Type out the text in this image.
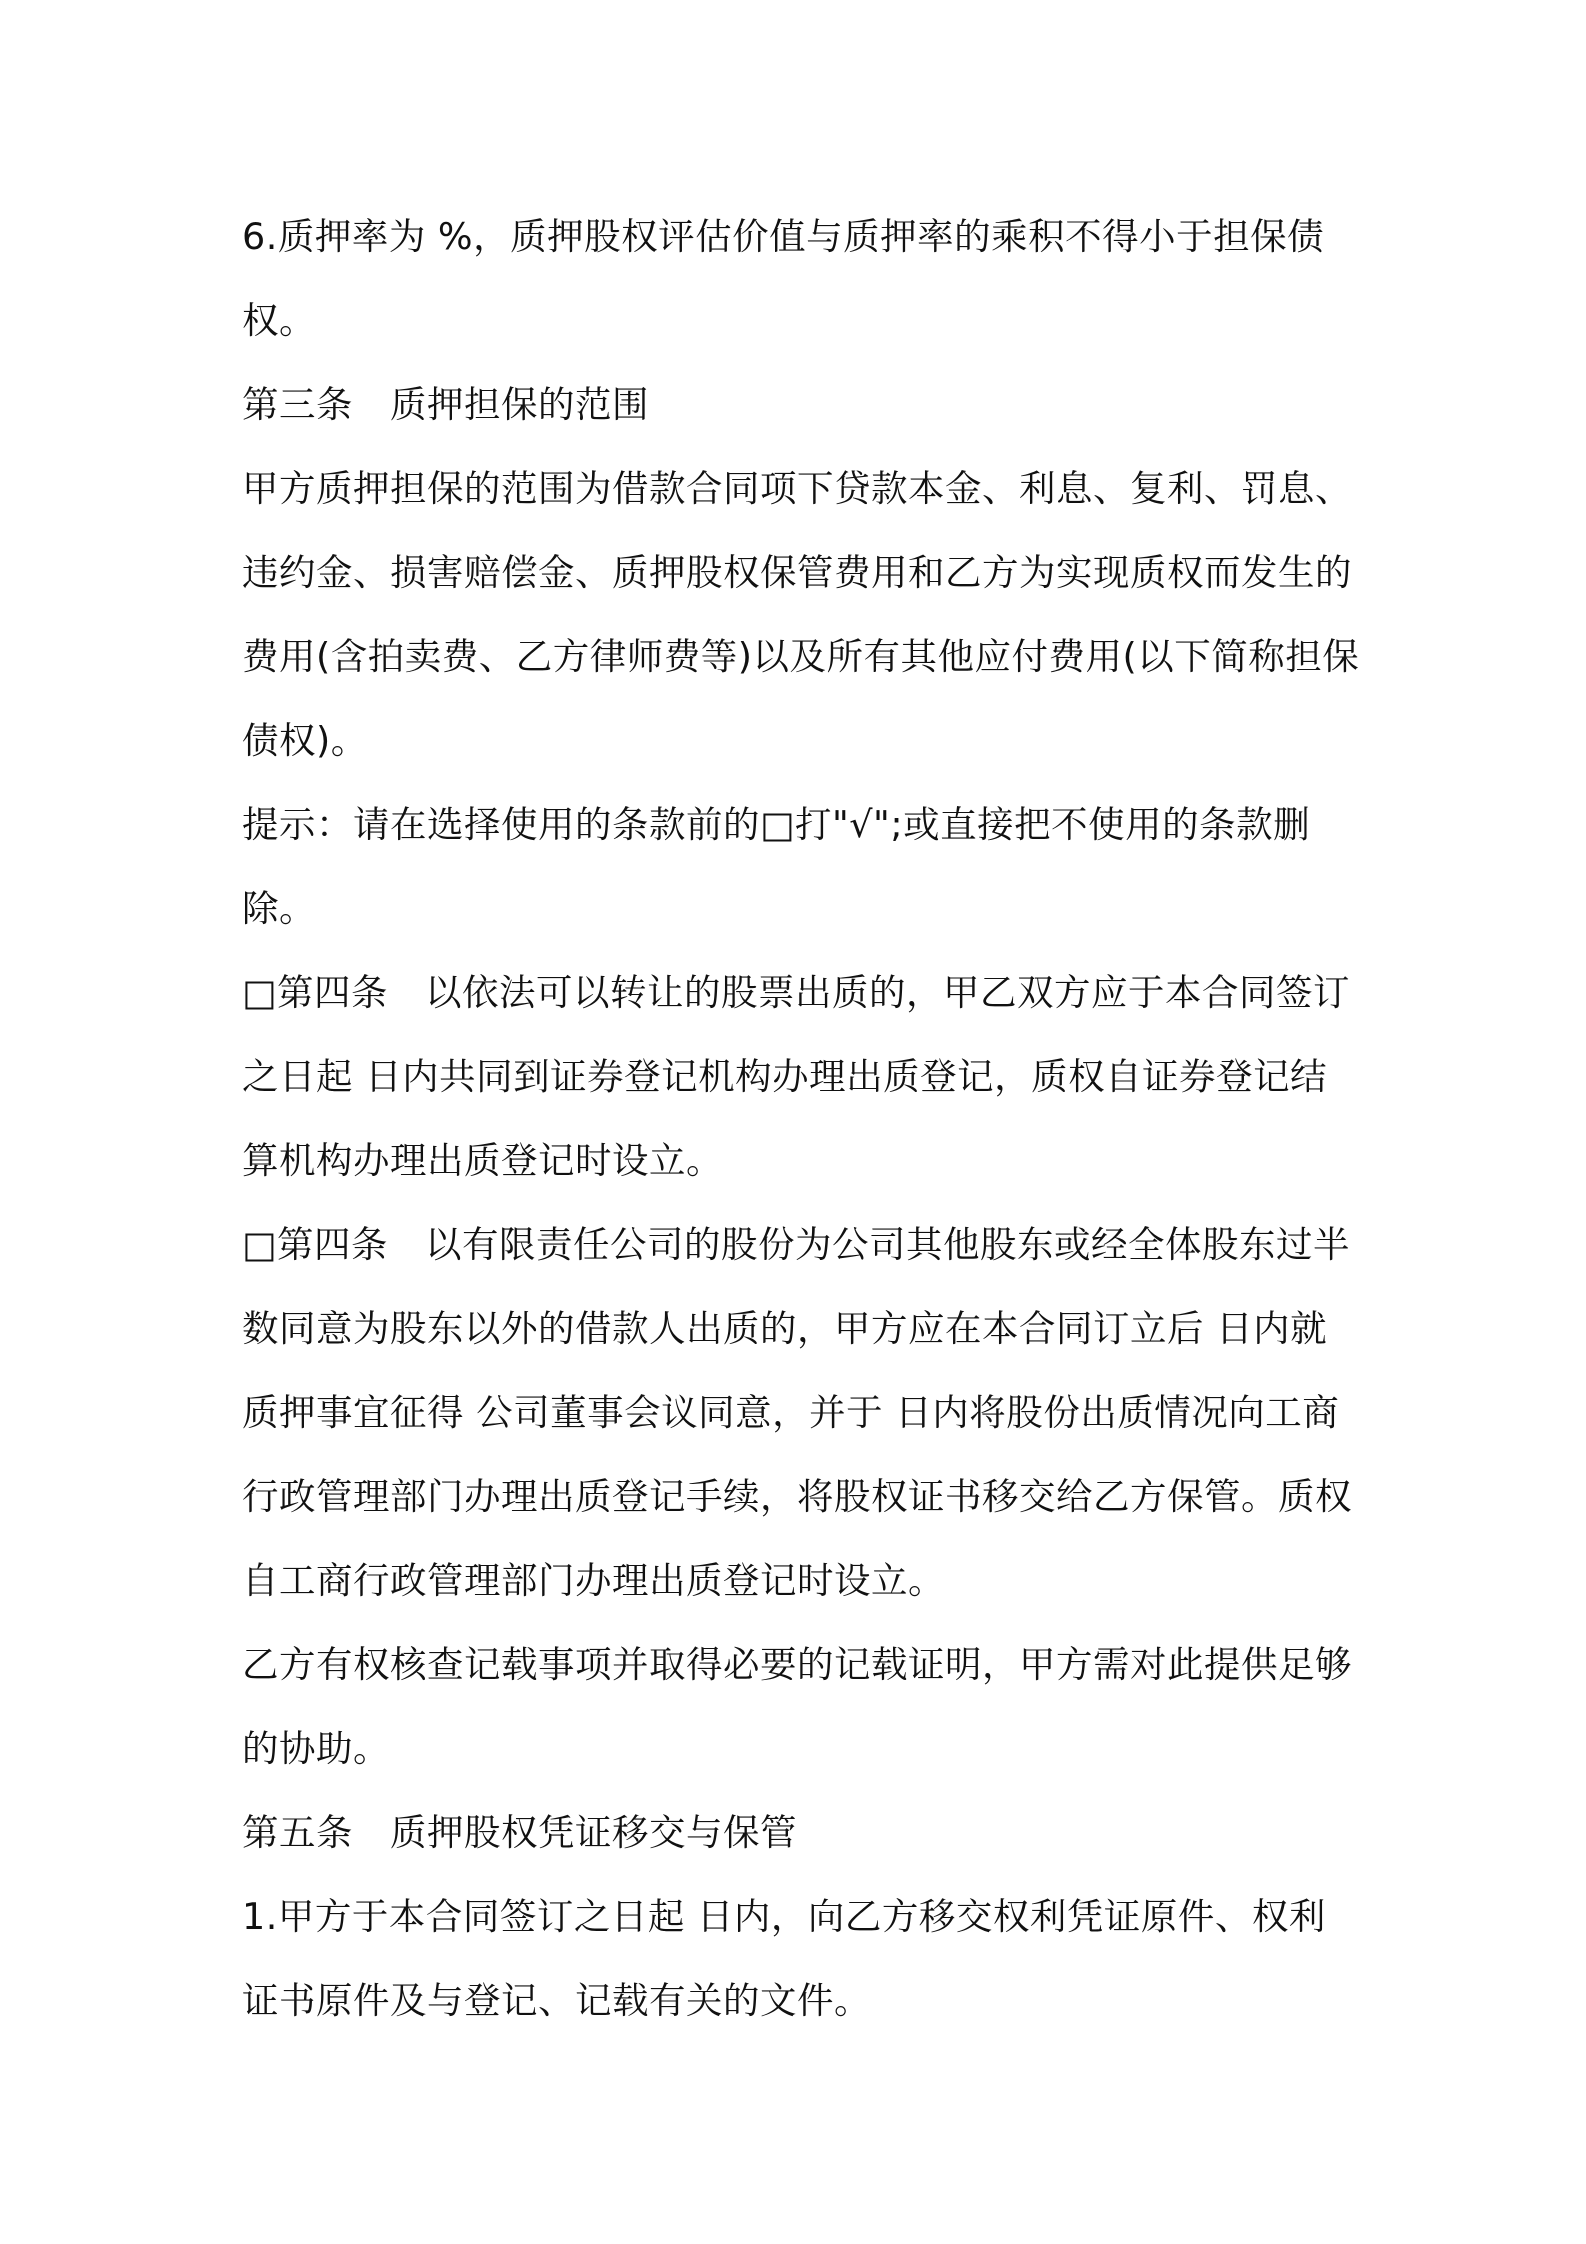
6.质押率为 %，质押股权评估价值与质押率的乘积不得小于担保债权。

第三条　质押担保的范围

甲方质押担保的范围为借款合同项下贷款本金、利息、复利、罚息、违约金、损害赔偿金、质押股权保管费用和乙方为实现质权而发生的费用(含拍卖费、乙方律师费等)以及所有其他应付费用(以下简称担保债权)。

提示：请在选择使用的条款前的□打"√";或直接把不使用的条款删除。

□第四条　以依法可以转让的股票出质的，甲乙双方应于本合同签订之日起 日内共同到证券登记机构办理出质登记，质权自证券登记结算机构办理出质登记时设立。

□第四条　以有限责任公司的股份为公司其他股东或经全体股东过半数同意为股东以外的借款人出质的，甲方应在本合同订立后 日内就质押事宜征得 公司董事会议同意，并于 日内将股份出质情况向工商行政管理部门办理出质登记手续，将股权证书移交给乙方保管。质权自工商行政管理部门办理出质登记时设立。

乙方有权核查记载事项并取得必要的记载证明，甲方需对此提供足够的协助。

第五条　质押股权凭证移交与保管

1.甲方于本合同签订之日起 日内，向乙方移交权利凭证原件、权利证书原件及与登记、记载有关的文件。
